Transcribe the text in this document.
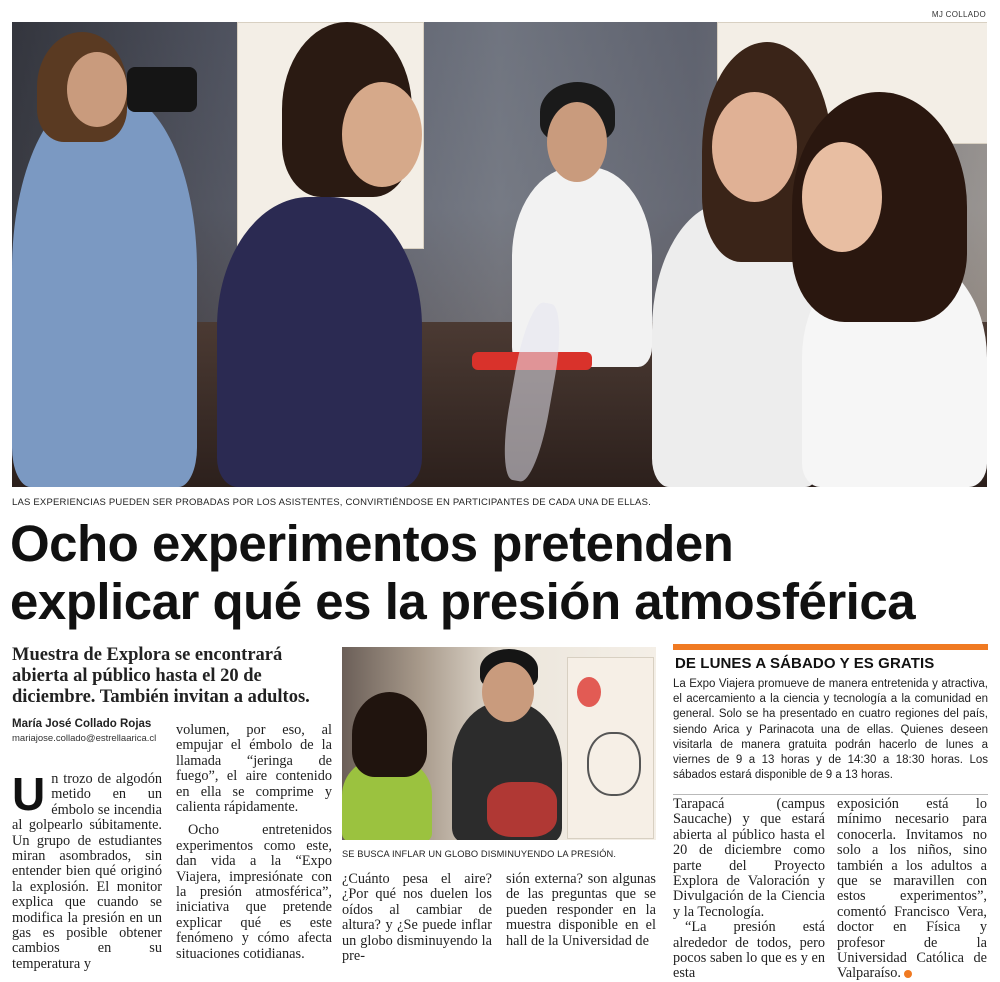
MJ COLLADO
LAS EXPERIENCIAS PUEDEN SER PROBADAS POR LOS ASISTENTES, CONVIRTIÉNDOSE EN PARTICIPANTES DE CADA UNA DE ELLAS.
Ocho experimentos pretenden
explicar qué es la presión atmosférica
Muestra de Explora se encontrará abierta al público hasta el 20 de diciembre. También invitan a adultos.
María José Collado Rojas
mariajose.collado@estrellaarica.cl
U n trozo de algodón metido en un émbolo se incendia al golpearlo súbitamente. Un grupo de estudiantes miran asombrados, sin entender bien qué originó la explosión. El monitor explica que cuando se modifica la presión en un gas es posible obtener cambios en su temperatura y

volumen, por eso, al empujar el émbolo de la llamada “jeringa de fuego”, el aire contenido en ella se comprime y calienta rápidamente.

Ocho entretenidos experimentos como este, dan vida a la “Expo Viajera, impresiónate con la presión atmosférica”, iniciativa que pretende explicar qué es este fenómeno y cómo afecta situaciones cotidianas.

SE BUSCA INFLAR UN GLOBO DISMINUYENDO LA PRESIÓN.
¿Cuánto pesa el aire? ¿Por qué nos duelen los oídos al cambiar de altura? y ¿Se puede inflar un globo disminuyendo la pre-
sión externa? son algunas de las preguntas que se pueden responder en la muestra disponible en el hall de la Universidad de
DE LUNES A SÁBADO Y ES GRATIS
La Expo Viajera promueve de manera entretenida y atractiva, el acercamiento a la ciencia y tecnología a la comunidad en general. Solo se ha presentado en cuatro regiones del país, siendo Arica y Parinacota una de ellas. Quienes deseen visitarla de manera gratuita podrán hacerlo de lunes a viernes de 9 a 13 horas y de 14:30 a 18:30 horas. Los sábados estará disponible de 9 a 13 horas.

Tarapacá (campus Saucache) y que estará abierta al público hasta el 20 de diciembre como parte del Proyecto Explora de Valoración y Divulgación de la Ciencia y la Tecnología.

“La presión está alrededor de todos, pero pocos saben lo que es y en esta

exposición está lo mínimo necesario para conocerla. Invitamos no solo a los niños, sino también a los adultos a que se maravillen con estos experimentos”, comentó Francisco Vera, doctor en Física y profesor de la Universidad Católica de Valparaíso.
